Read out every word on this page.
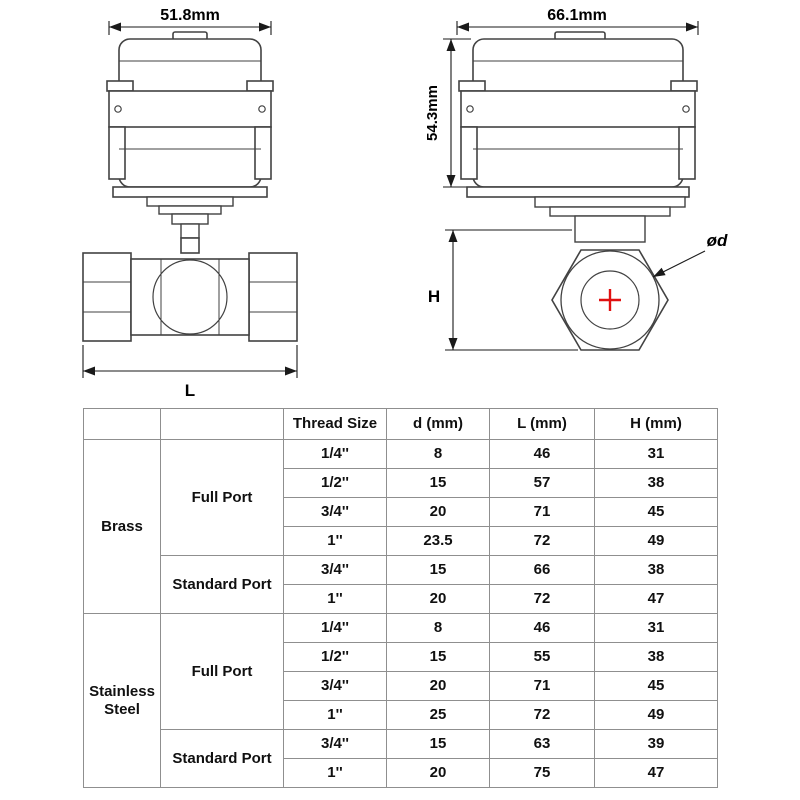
51.8mm
L
66.1mm
54.3mm
H
ød
		Thread Size	d (mm)	L (mm)	H (mm)
Brass	Full Port	1/4''	8	46	31
		1/2''	15	57	38
		3/4''	20	71	45
		1''	23.5	72	49
	Standard Port	3/4''	15	66	38
		1''	20	72	47
Stainless Steel	Full Port	1/4''	8	46	31
		1/2''	15	55	38
		3/4''	20	71	45
		1''	25	72	49
	Standard Port	3/4''	15	63	39
		1''	20	75	47
